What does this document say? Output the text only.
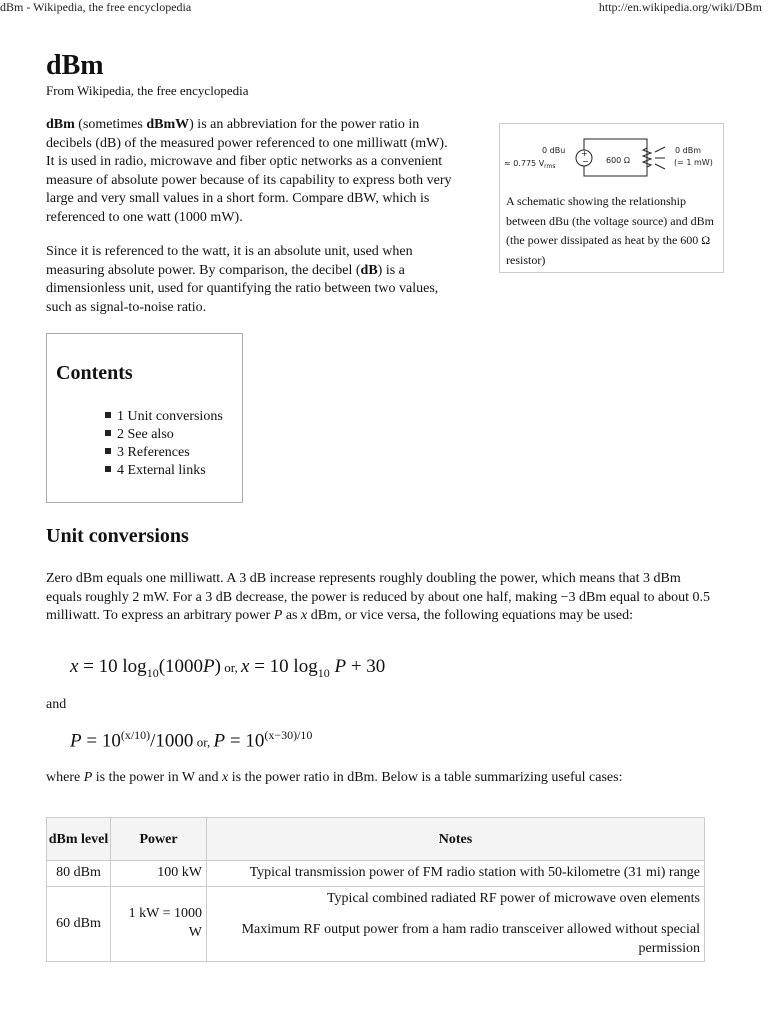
dBm - Wikipedia, the free encyclopedia	http://en.wikipedia.org/wiki/DBm
dBm
From Wikipedia, the free encyclopedia

dBm (sometimes dBmW) is an abbreviation for the power ratio in decibels (dB) of the measured power referenced to one milliwatt (mW). It is used in radio, microwave and fiber optic networks as a convenient measure of absolute power because of its capability to express both very large and very small values in a short form. Compare dBW, which is referenced to one watt (1000 mW).

Since it is referenced to the watt, it is an absolute unit, used when measuring absolute power. By comparison, the decibel (dB) is a dimensionless unit, used for quantifying the ratio between two values, such as signal-to-noise ratio.

0 dBu
≈ 0.775 $V_{rms}$
600 Ω
0 dBm
(= 1 mW)
+
−

A schematic showing the relationship between dBu (the voltage source) and dBm (the power dissipated as heat by the 600 Ω resistor)

Contents
1 Unit conversions
2 See also
3 References
4 External links
Unit conversions

Zero dBm equals one milliwatt. A 3 dB increase represents roughly doubling the power, which means that 3 dBm equals roughly 2 mW. For a 3 dB decrease, the power is reduced by about one half, making −3 dBm equal to about 0.5 milliwatt. To express an arbitrary power P as x dBm, or vice versa, the following equations may be used:

x = 10 $\log_{10}(1000P)$ or, x = 10 $\log_{10} P + 30$
and
$P = 10^{(x/10)}/1000$ or, $P = 10^{(x-30)/10}$
where P is the power in W and x is the power ratio in dBm. Below is a table summarizing useful cases:
dBm level	Power	Notes
80 dBm	100 kW	Typical transmission power of FM radio station with 50-kilometre (31 mi) range

60 dBm	1 kW = 1000 W	Typical combined radiated RF power of microwave oven elements

Maximum RF output power from a ham radio transceiver allowed without special permission
